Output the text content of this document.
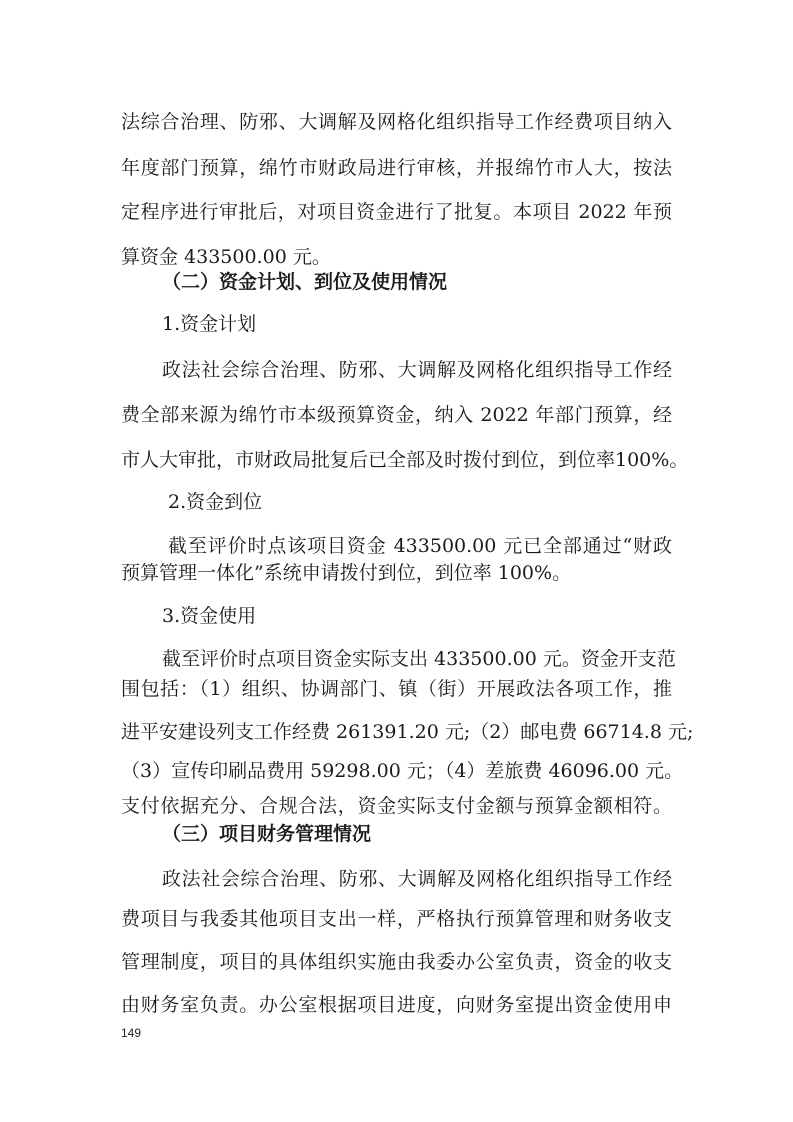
法综合治理、防邪、大调解及网格化组织指导工作经费项目纳入
年度部门预算，绵竹市财政局进行审核，并报绵竹市人大，按法
定程序进行审批后，对项目资金进行了批复。本项目 2022 年预
算资金 433500.00 元。
（二）资金计划、到位及使用情况
1.资金计划
政法社会综合治理、防邪、大调解及网格化组织指导工作经
费全部来源为绵竹市本级预算资金，纳入 2022 年部门预算，经
市人大审批，市财政局批复后已全部及时拨付到位，到位率100%。
2.资金到位
截至评价时点该项目资金 433500.00 元已全部通过“财政
预算管理一体化”系统申请拨付到位，到位率 100%。
3.资金使用
截至评价时点项目资金实际支出 433500.00 元。资金开支范
围包括：（1）组织、协调部门、镇（街）开展政法各项工作，推
进平安建设列支工作经费 261391.20 元;（2）邮电费 66714.8 元;
（3）宣传印刷品费用 59298.00 元；（4）差旅费 46096.00 元。
支付依据充分、合规合法，资金实际支付金额与预算金额相符。
（三）项目财务管理情况
政法社会综合治理、防邪、大调解及网格化组织指导工作经
费项目与我委其他项目支出一样，严格执行预算管理和财务收支
管理制度，项目的具体组织实施由我委办公室负责，资金的收支
由财务室负责。办公室根据项目进度，向财务室提出资金使用申
149
